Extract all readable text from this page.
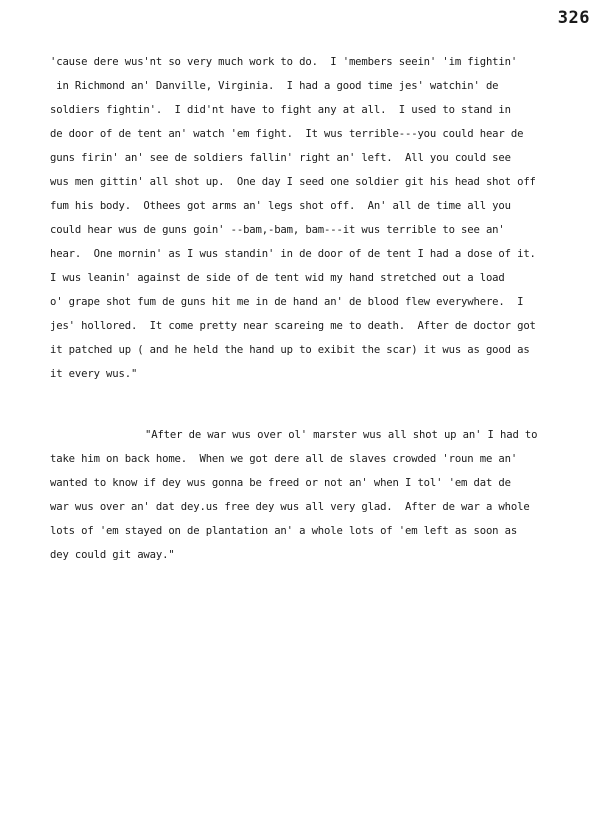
326
'cause dere wus'nt so very much work to do.  I 'members seein' 'im fightin'
in Richmond an' Danville, Virginia.  I had a good time jes' watchin' de
soldiers fightin'.  I did'nt have to fight any at all.  I used to stand in
de door of de tent an' watch 'em fight.  It wus terrible---you could hear de
guns firin' an' see de soldiers fallin' right an' left.  All you could see
wus men gittin' all shot up.  One day I seed one soldier git his head shot off
fum his body.  Othees got arms an' legs shot off.  An' all de time all you
could hear wus de guns goin' --bam,-bam, bam---it wus terrible to see an'
hear.  One mornin' as I wus standin' in de door of de tent I had a dose of it.
I wus leanin' against de side of de tent wid my hand stretched out a load
o' grape shot fum de guns hit me in de hand an' de blood flew everywhere.  I
jes' hollored.  It come pretty near scareing me to death.  After de doctor got
it patched up ( and he held the hand up to exibit the scar) it wus as good as
it every wus."
"After de war wus over ol' marster wus all shot up an' I had to
take him on back home.  When we got dere all de slaves crowded 'roun me an'
wanted to know if dey wus gonna be freed or not an' when I tol' 'em dat de
war wus over an' dat dey.us free dey wus all very glad.  After de war a whole
lots of 'em stayed on de plantation an' a whole lots of 'em left as soon as
dey could git away."
